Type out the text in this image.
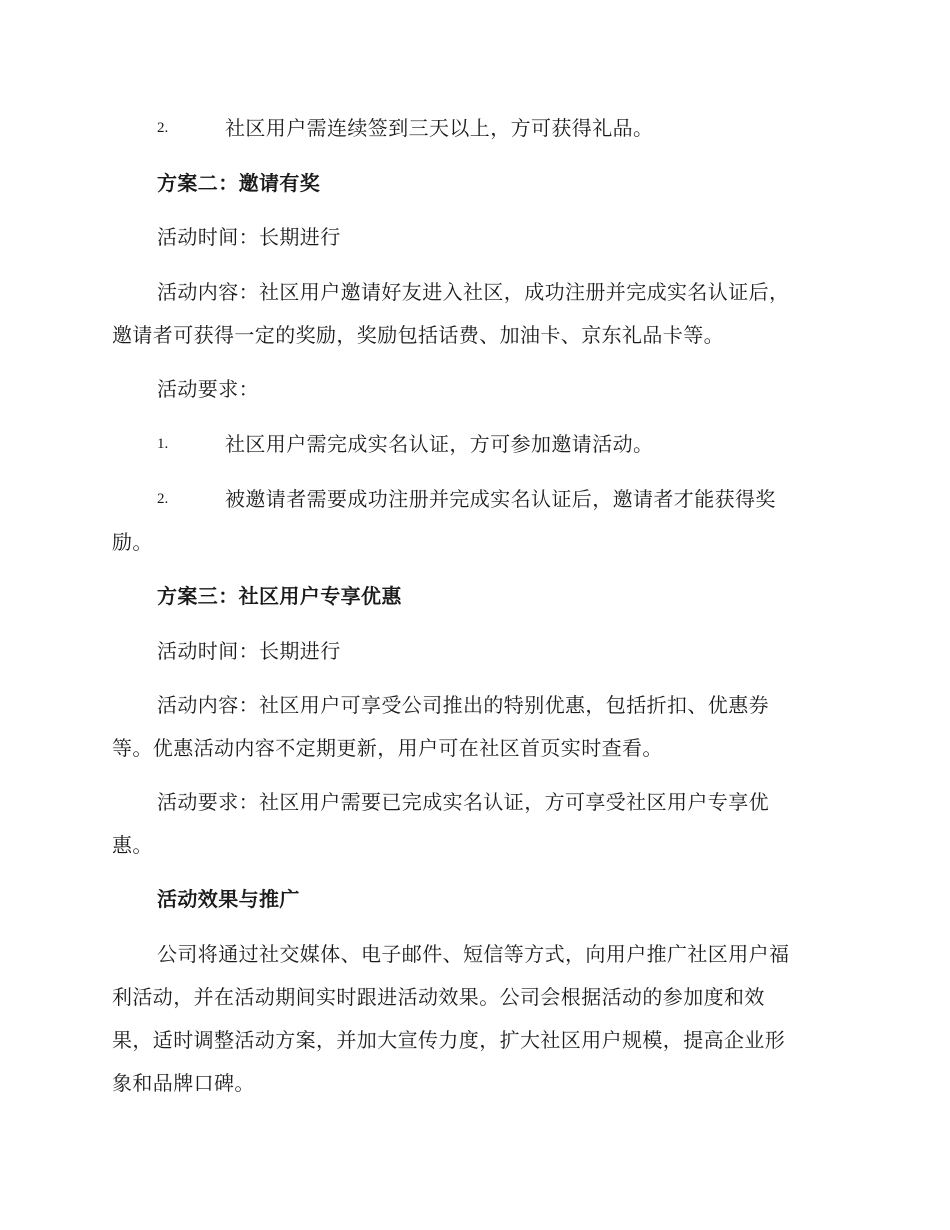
2.	社区用户需连续签到三天以上，方可获得礼品。
方案二：邀请有奖
活动时间：长期进行
活动内容：社区用户邀请好友进入社区，成功注册并完成实名认证后，
邀请者可获得一定的奖励，奖励包括话费、加油卡、京东礼品卡等。
活动要求：
1.	社区用户需完成实名认证，方可参加邀请活动。
2.	被邀请者需要成功注册并完成实名认证后，邀请者才能获得奖
励。
方案三：社区用户专享优惠
活动时间：长期进行
活动内容：社区用户可享受公司推出的特别优惠，包括折扣、优惠券
等。优惠活动内容不定期更新，用户可在社区首页实时查看。
活动要求：社区用户需要已完成实名认证，方可享受社区用户专享优
惠。
活动效果与推广
公司将通过社交媒体、电子邮件、短信等方式，向用户推广社区用户福
利活动，并在活动期间实时跟进活动效果。公司会根据活动的参加度和效
果，适时调整活动方案，并加大宣传力度，扩大社区用户规模，提高企业形
象和品牌口碑。
